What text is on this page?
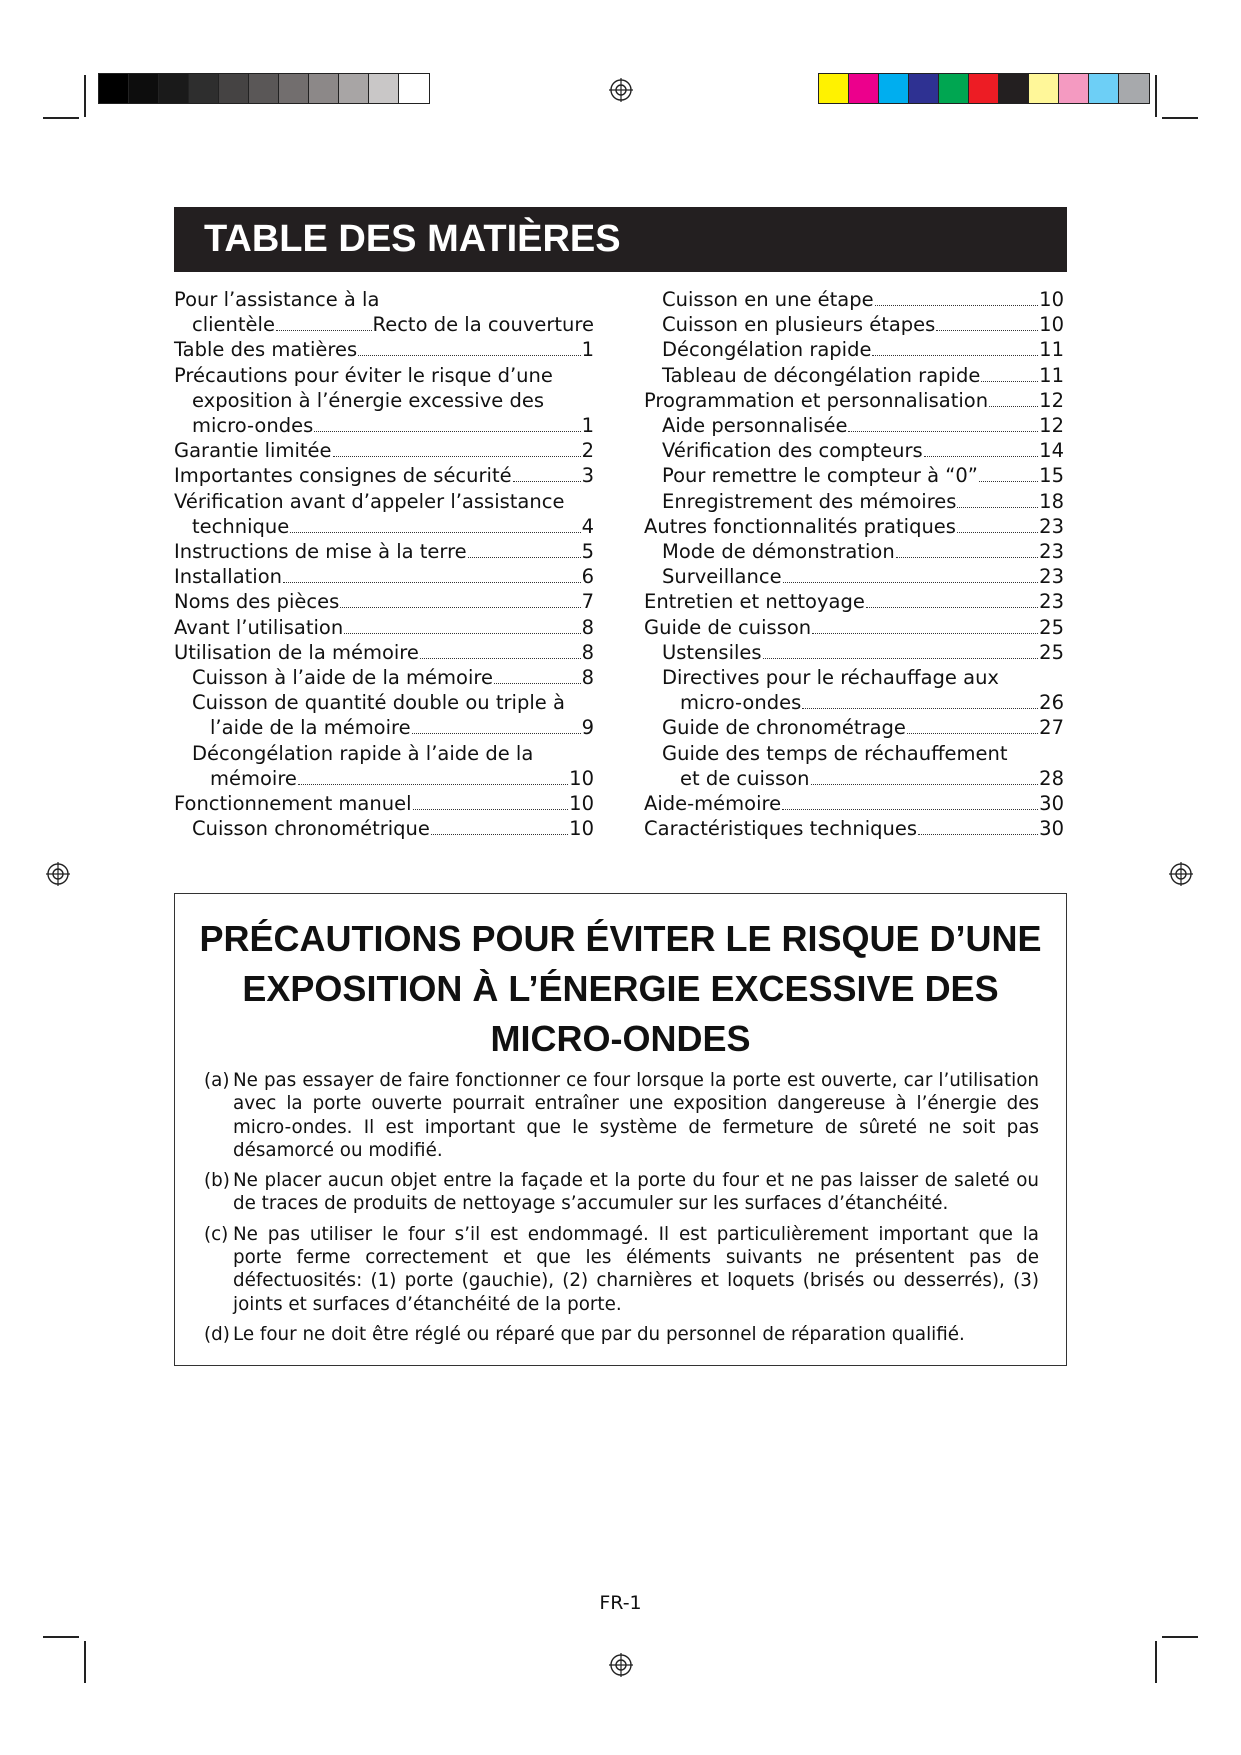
TABLE DES MATIÈRES
Pour l’assistance à la
clientèle	Recto de la couverture
Table des matières	1
Précautions pour éviter le risque d’une
exposition à l’énergie excessive des
micro-ondes	1
Garantie limitée	2
Importantes consignes de sécurité	3
Vérification avant d’appeler l’assistance
technique	4
Instructions de mise à la terre	5
Installation	6
Noms des pièces	7
Avant l’utilisation	8
Utilisation de la mémoire	8
Cuisson à l’aide de la mémoire	8
Cuisson de quantité double ou triple à
l’aide de la mémoire	9
Décongélation rapide à l’aide de la
mémoire	10
Fonctionnement manuel	10
Cuisson chronométrique	10
Cuisson en une étape	10
Cuisson en plusieurs étapes	10
Décongélation rapide	11
Tableau de décongélation rapide	11
Programmation et personnalisation	12
Aide personnalisée	12
Vérification des compteurs	14
Pour remettre le compteur à “0”	15
Enregistrement des mémoires	18
Autres fonctionnalités pratiques	23
Mode de démonstration	23
Surveillance	23
Entretien et nettoyage	23
Guide de cuisson	25
Ustensiles	25
Directives pour le réchauffage aux
micro-ondes	26
Guide de chronométrage	27
Guide des temps de réchauffement
et de cuisson	28
Aide-mémoire	30
Caractéristiques techniques	30
PRÉCAUTIONS POUR ÉVITER LE RISQUE D’UNE
EXPOSITION À L’ÉNERGIE EXCESSIVE DES
MICRO-ONDES
(a) Ne pas essayer de faire fonctionner ce four lorsque la porte est ouverte, car l’utilisation avec la porte ouverte pourrait entraîner une exposition dangereuse à l’énergie des micro-ondes. Il est important que le système de fermeture de sûreté ne soit pas désamorcé ou modifié.
(b) Ne placer aucun objet entre la façade et la porte du four et ne pas laisser de saleté ou de traces de produits de nettoyage s’accumuler sur les surfaces d’étanchéité.
(c) Ne pas utiliser le four s’il est endommagé. Il est particulièrement important que la porte ferme correctement et que les éléments suivants ne présentent pas de défectuosités: (1) porte (gauchie), (2) charnières et loquets (brisés ou desserrés), (3) joints et surfaces d’étanchéité de la porte.
(d) Le four ne doit être réglé ou réparé que par du personnel de réparation qualifié.
FR-1
